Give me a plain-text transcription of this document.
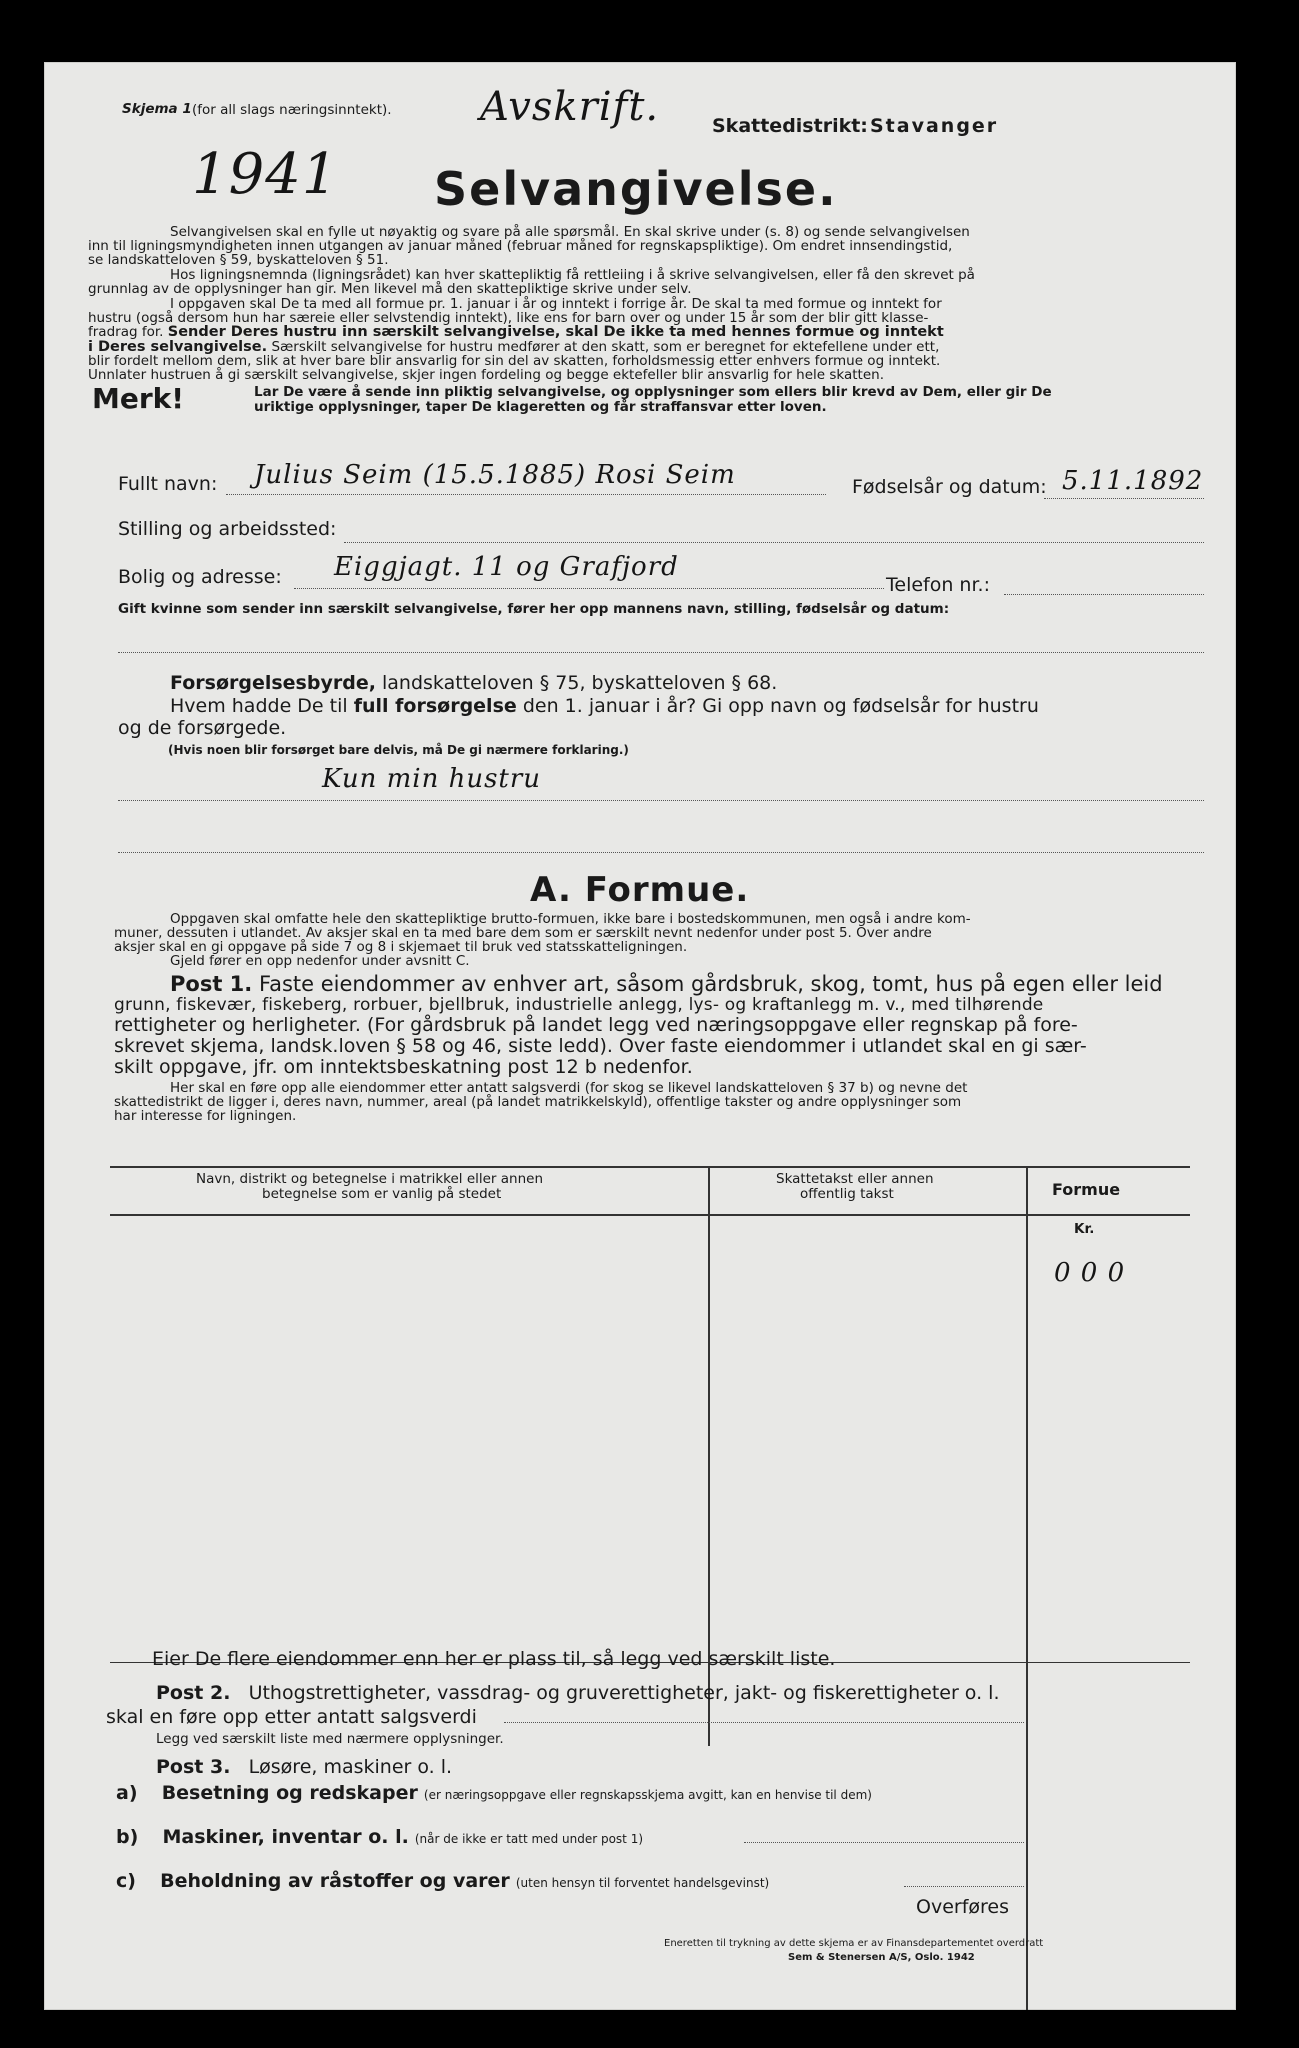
Skjema 1 (for all slags næringsinntekt). Avskrift.	Skattedistrikt: Stavanger
1941 Selvangivelse.
Selvangivelsen skal en fylle ut nøyaktig og svare på alle spørsmål. En skal skrive under (s. 8) og sende selvangivelsen
inn til ligningsmyndigheten innen utgangen av januar måned (februar måned for regnskapspliktige). Om endret innsendingstid,
se landskatteloven § 59, byskatteloven § 51.
Hos ligningsnemnda (ligningsrådet) kan hver skattepliktig få rettleiing i å skrive selvangivelsen, eller få den skrevet på
grunnlag av de opplysninger han gir. Men likevel må den skattepliktige skrive under selv.
I oppgaven skal De ta med all formue pr. 1. januar i år og inntekt i forrige år. De skal ta med formue og inntekt for
hustru (også dersom hun har særeie eller selvstendig inntekt), like ens for barn over og under 15 år som der blir gitt klasse-
fradrag for. Sender Deres hustru inn særskilt selvangivelse, skal De ikke ta med hennes formue og inntekt
i Deres selvangivelse. Særskilt selvangivelse for hustru medfører at den skatt, som er beregnet for ektefellene under ett,
blir fordelt mellom dem, slik at hver bare blir ansvarlig for sin del av skatten, forholdsmessig etter enhvers formue og inntekt.
Unnlater hustruen å gi særskilt selvangivelse, skjer ingen fordeling og begge ektefeller blir ansvarlig for hele skatten.
Merk!	Lar De være å sende inn pliktig selvangivelse, og opplysninger som ellers blir krevd av Dem, eller gir De
uriktige opplysninger, taper De klageretten og får straffansvar etter loven.
Fullt navn: Julius Seim (15.5.1885) Rosi Seim	Fødselsår og datum: 5.11.1892
Stilling og arbeidssted:
Bolig og adresse: Eiggjagt. 11 og Grafjord
Telefon nr.:
Gift kvinne som sender inn særskilt selvangivelse, fører her opp mannens navn, stilling, fødselsår og datum:
Forsørgelsesbyrde, landskatteloven § 75, byskatteloven § 68.
Hvem hadde De til full forsørgelse den 1. januar i år? Gi opp navn og fødselsår for hustru
og de forsørgede.
(Hvis noen blir forsørget bare delvis, må De gi nærmere forklaring.)
Kun min hustru
A. Formue.
Oppgaven skal omfatte hele den skattepliktige brutto-formuen, ikke bare i bostedskommunen, men også i andre kom-
muner, dessuten i utlandet. Av aksjer skal en ta med bare dem som er særskilt nevnt nedenfor under post 5. Over andre
aksjer skal en gi oppgave på side 7 og 8 i skjemaet til bruk ved statsskatteligningen.
Gjeld fører en opp nedenfor under avsnitt C.
Post 1. Faste eiendommer av enhver art, såsom gårdsbruk, skog, tomt, hus på egen eller leid
grunn, fiskevær, fiskeberg, rorbuer, bjellbruk, industrielle anlegg, lys- og kraftanlegg m. v., med tilhørende
rettigheter og herligheter. (For gårdsbruk på landet legg ved næringsoppgave eller regnskap på fore-
skrevet skjema, landsk.loven § 58 og 46, siste ledd). Over faste eiendommer i utlandet skal en gi sær-
skilt oppgave, jfr. om inntektsbeskatning post 12 b nedenfor.
Her skal en føre opp alle eiendommer etter antatt salgsverdi (for skog se likevel landskatteloven § 37 b) og nevne det
skattedistrikt de ligger i, deres navn, nummer, areal (på landet matrikkelskyld), offentlige takster og andre opplysninger som
har interesse for ligningen.
Navn, distrikt og betegnelse i matrikkel eller annen
betegnelse som er vanlig på stedet
Skattetakst eller annen
offentlig takst	Formue
Kr.
0 0 0
Eier De flere eiendommer enn her er plass til, så legg ved særskilt liste.
Post 2. Uthogstrettigheter, vassdrag- og gruverettigheter, jakt- og fiskerettigheter o. l.
skal en føre opp etter antatt salgsverdi
Legg ved særskilt liste med nærmere opplysninger.
Post 3. Løsøre, maskiner o. l.
a) Besetning og redskaper (er næringsoppgave eller regnskapsskjema avgitt, kan en henvise til dem)
b) Maskiner, inventar o. l. (når de ikke er tatt med under post 1)
c) Beholdning av råstoffer og varer (uten hensyn til forventet handelsgevinst)
Overføres
Eneretten til trykning av dette skjema er av Finansdepartementet overdratt
Sem & Stenersen A/S, Oslo. 1942
